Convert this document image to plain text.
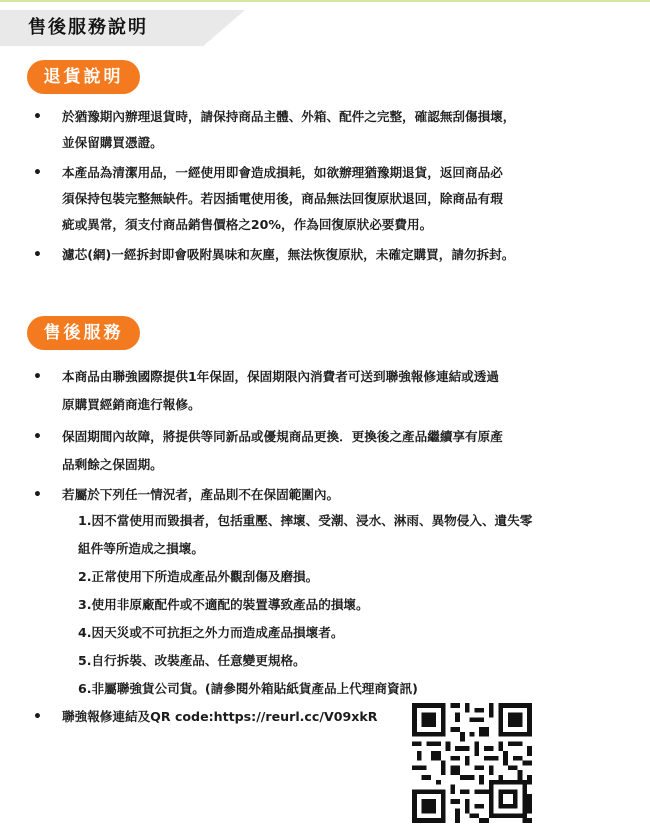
售後服務說明
退貨說明
• 於猶豫期內辦理退貨時，請保持商品主體、外箱、配件之完整，確認無刮傷損壞，
並保留購買憑證。
• 本產品為清潔用品，一經使用即會造成損耗，如欲辦理猶豫期退貨，返回商品必
須保持包裝完整無缺件。若因插電使用後，商品無法回復原狀退回，除商品有瑕
疵或異常，須支付商品銷售價格之20%，作為回復原狀必要費用。
• 濾芯(網)一經拆封即會吸附異味和灰塵，無法恢復原狀，未確定購買，請勿拆封。
售後服務
• 本商品由聯強國際提供1年保固，保固期限內消費者可送到聯強報修連結或透過
原購買經銷商進行報修。
• 保固期間內故障，將提供等同新品或優規商品更換．更換後之產品繼續享有原產
品剩餘之保固期。
• 若屬於下列任一情況者，產品則不在保固範圍內。
1.因不當使用而毀損者，包括重壓、摔壞、受潮、浸水、淋雨、異物侵入、遺失零
組件等所造成之損壞。
2.正常使用下所造成產品外觀刮傷及磨損。
3.使用非原廠配件或不適配的裝置導致產品的損壞。
4.因天災或不可抗拒之外力而造成產品損壞者。
5.自行拆裝、改裝產品、任意變更規格。
6.非屬聯強貨公司貨。(請參閱外箱貼紙貨產品上代理商資訊)
• 聯強報修連結及QR code:https://reurl.cc/V09xkR
